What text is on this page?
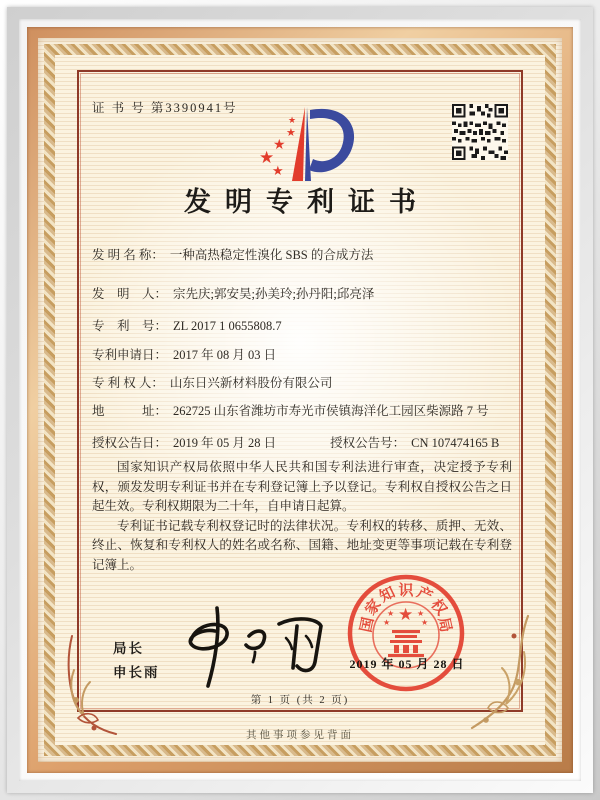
证 书 号 第3390941号
★
★
★
★
★
发明专利证书
发 明 名 称： 一种高热稳定性溴化 SBS 的合成方法
发　明　人： 宗先庆;郭安昊;孙美玲;孙丹阳;邱亮泽
专　利　号： ZL 2017 1 0655808.7
专利申请日： 2017 年 08 月 03 日
专 利 权 人： 山东日兴新材料股份有限公司
地　　　址： 262725 山东省潍坊市寿光市侯镇海洋化工园区柴源路 7 号
授权公告日： 2019 年 05 月 28 日	授权公告号： CN 107474165 B

国家知识产权局依照中华人民共和国专利法进行审查，决定授予专利权，颁发发明专利证书并在专利登记簿上予以登记。专利权自授权公告之日起生效。专利权期限为二十年，自申请日起算。

专利证书记载专利权登记时的法律状况。专利权的转移、质押、无效、终止、恢复和专利权人的姓名或名称、国籍、地址变更等事项记载在专利登记簿上。

局长
申长雨
国
家
知 识 产
权
局
★
★	★
★	★
2019 年 05 月 28 日
第 1 页 (共 2 页)
其他事项参见背面
